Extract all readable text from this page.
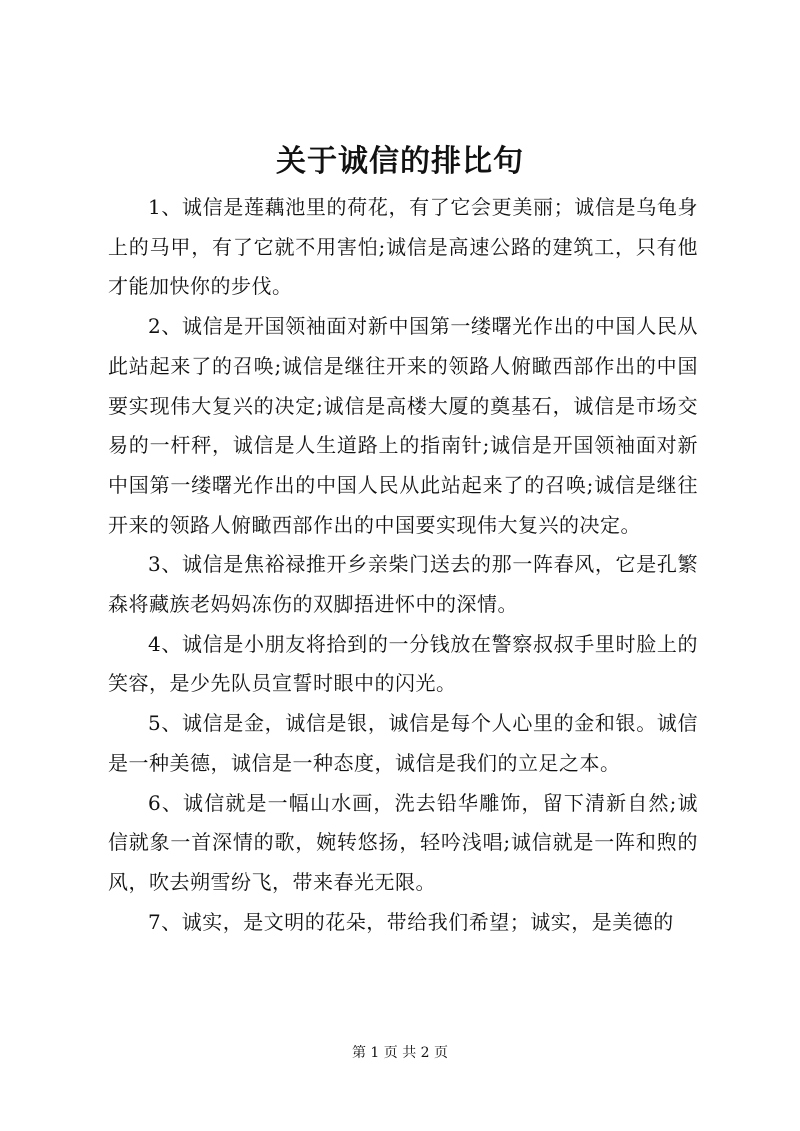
关于诚信的排比句

1、诚信是莲藕池里的荷花，有了它会更美丽；诚信是乌龟身上的马甲，有了它就不用害怕;诚信是高速公路的建筑工，只有他才能加快你的步伐。

2、诚信是开国领袖面对新中国第一缕曙光作出的中国人民从此站起来了的召唤;诚信是继往开来的领路人俯瞰西部作出的中国要实现伟大复兴的决定;诚信是高楼大厦的奠基石，诚信是市场交易的一杆秤，诚信是人生道路上的指南针;诚信是开国领袖面对新中国第一缕曙光作出的中国人民从此站起来了的召唤;诚信是继往开来的领路人俯瞰西部作出的中国要实现伟大复兴的决定。

3、诚信是焦裕禄推开乡亲柴门送去的那一阵春风，它是孔繁森将藏族老妈妈冻伤的双脚捂进怀中的深情。

4、诚信是小朋友将拾到的一分钱放在警察叔叔手里时脸上的笑容，是少先队员宣誓时眼中的闪光。

5、诚信是金，诚信是银，诚信是每个人心里的金和银。诚信是一种美德，诚信是一种态度，诚信是我们的立足之本。

6、诚信就是一幅山水画，洗去铅华雕饰，留下清新自然;诚信就象一首深情的歌，婉转悠扬，轻吟浅唱;诚信就是一阵和煦的风，吹去朔雪纷飞，带来春光无限。

7、诚实，是文明的花朵，带给我们希望；诚实，是美德的

第 1 页 共 2 页
